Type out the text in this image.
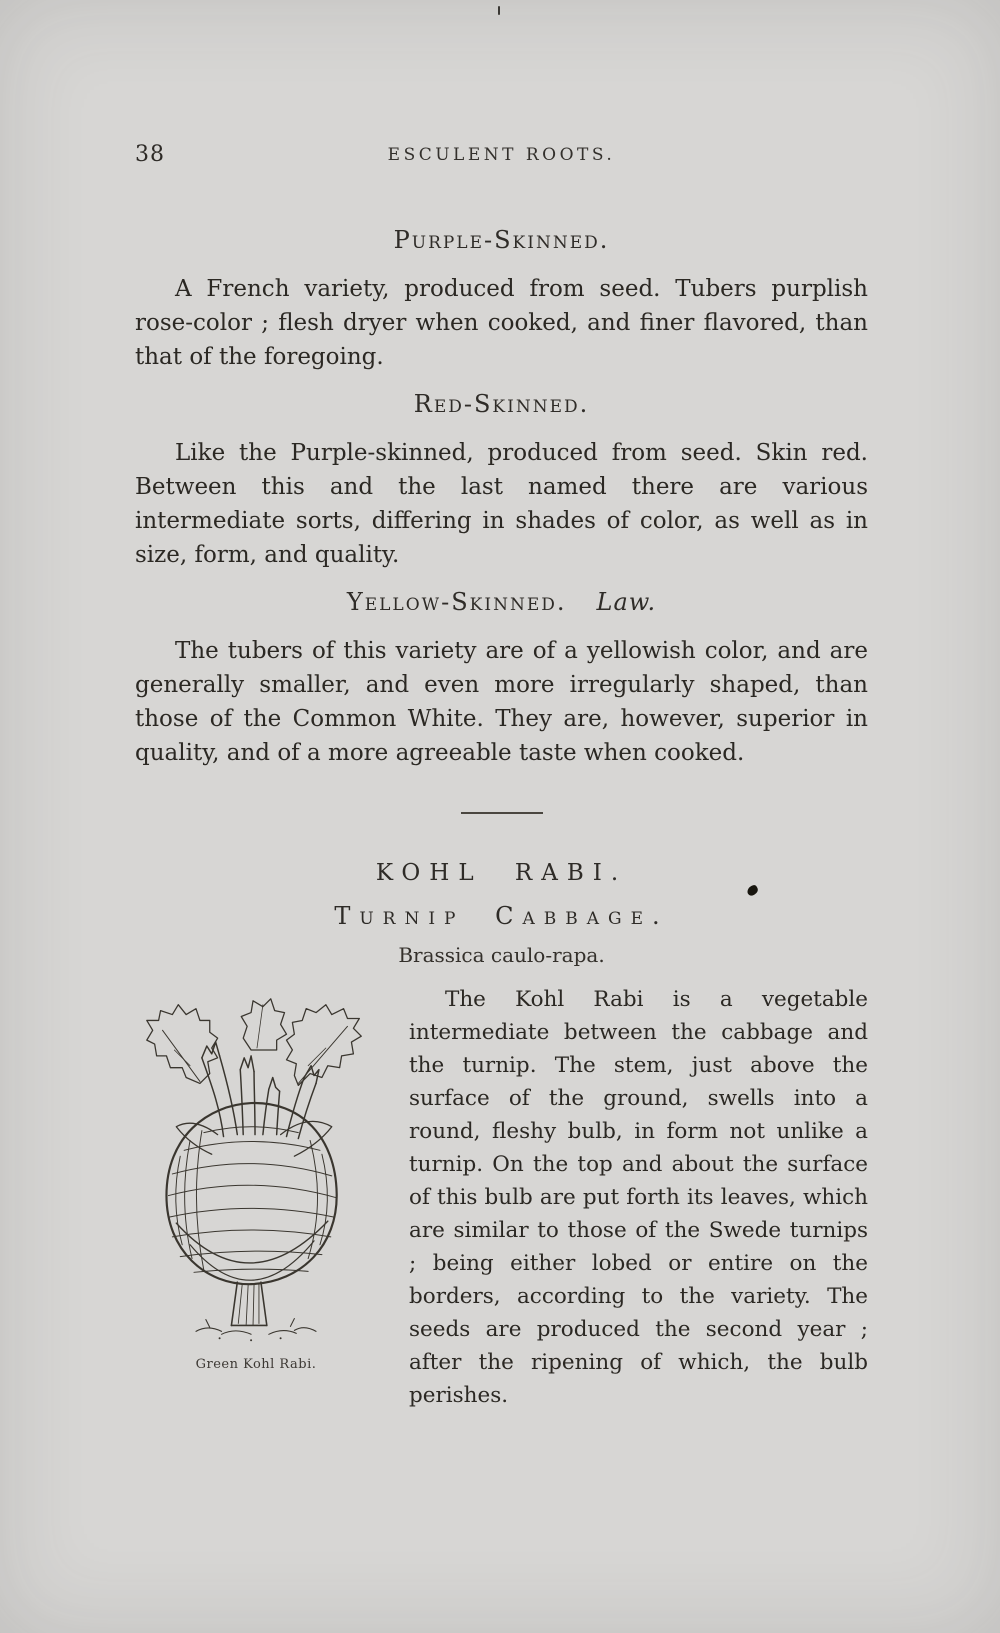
38	ESCULENT ROOTS.
Purple-Skinned.

A French variety, produced from seed. Tubers purplish rose-color ; flesh dryer when cooked, and finer flavored, than that of the foregoing.

Red-Skinned.

Like the Purple-skinned, produced from seed. Skin red. Between this and the last named there are various intermediate sorts, differing in shades of color, as well as in size, form, and quality.

Yellow-Skinned. Law.

The tubers of this variety are of a yellowish color, and are generally smaller, and even more irregularly shaped, than those of the Common White. They are, however, superior in quality, and of a more agreeable taste when cooked.

KOHL RABI.
Turnip Cabbage.
Brassica caulo-rapa.
Green Kohl Rabi.

The Kohl Rabi is a vegetable intermediate between the cabbage and the turnip. The stem, just above the surface of the ground, swells into a round, fleshy bulb, in form not unlike a turnip. On the top and about the surface of this bulb are put forth its leaves, which are similar to those of the Swede turnips ; being either lobed or entire on the borders, according to the variety. The seeds are produced the second year ; after the ripening of which, the bulb perishes.
